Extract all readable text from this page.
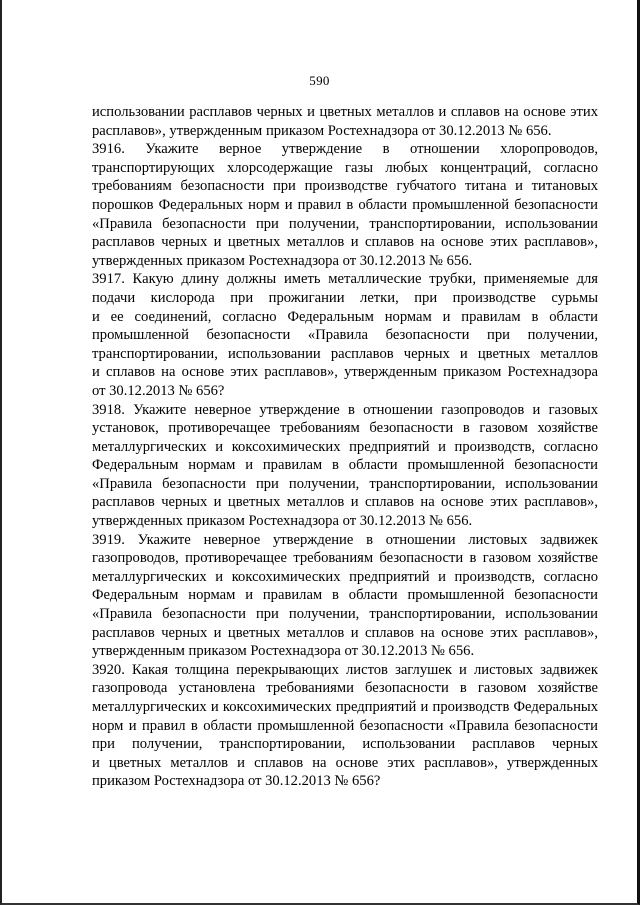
590

использовании расплавов черных и цветных металлов и сплавов на основе этих
расплавов», утвержденным приказом Ростехнадзора от 30.12.2013 № 656.

3916. Укажите верное утверждение в отношении хлоропроводов,
транспортирующих хлорсодержащие газы любых концентраций, согласно
требованиям безопасности при производстве губчатого титана и титановых
порошков Федеральных норм и правил в области промышленной безопасности
«Правила безопасности при получении, транспортировании, использовании
расплавов черных и цветных металлов и сплавов на основе этих расплавов»,
утвержденных приказом Ростехнадзора от 30.12.2013 № 656.

3917. Какую длину должны иметь металлические трубки, применяемые для
подачи кислорода при прожигании летки, при производстве сурьмы
и ее соединений, согласно Федеральным нормам и правилам в области
промышленной безопасности «Правила безопасности при получении,
транспортировании, использовании расплавов черных и цветных металлов
и сплавов на основе этих расплавов», утвержденным приказом Ростехнадзора
от 30.12.2013 № 656?

3918. Укажите неверное утверждение в отношении газопроводов и газовых
установок, противоречащее требованиям безопасности в газовом хозяйстве
металлургических и коксохимических предприятий и производств, согласно
Федеральным нормам и правилам в области промышленной безопасности
«Правила безопасности при получении, транспортировании, использовании
расплавов черных и цветных металлов и сплавов на основе этих расплавов»,
утвержденных приказом Ростехнадзора от 30.12.2013 № 656.

3919. Укажите неверное утверждение в отношении листовых задвижек
газопроводов, противоречащее требованиям безопасности в газовом хозяйстве
металлургических и коксохимических предприятий и производств, согласно
Федеральным нормам и правилам в области промышленной безопасности
«Правила безопасности при получении, транспортировании, использовании
расплавов черных и цветных металлов и сплавов на основе этих расплавов»,
утвержденным приказом Ростехнадзора от 30.12.2013 № 656.

3920. Какая толщина перекрывающих листов заглушек и листовых задвижек
газопровода установлена требованиями безопасности в газовом хозяйстве
металлургических и коксохимических предприятий и производств Федеральных
норм и правил в области промышленной безопасности «Правила безопасности
при получении, транспортировании, использовании расплавов черных
и цветных металлов и сплавов на основе этих расплавов», утвержденных
приказом Ростехнадзора от 30.12.2013 № 656?
